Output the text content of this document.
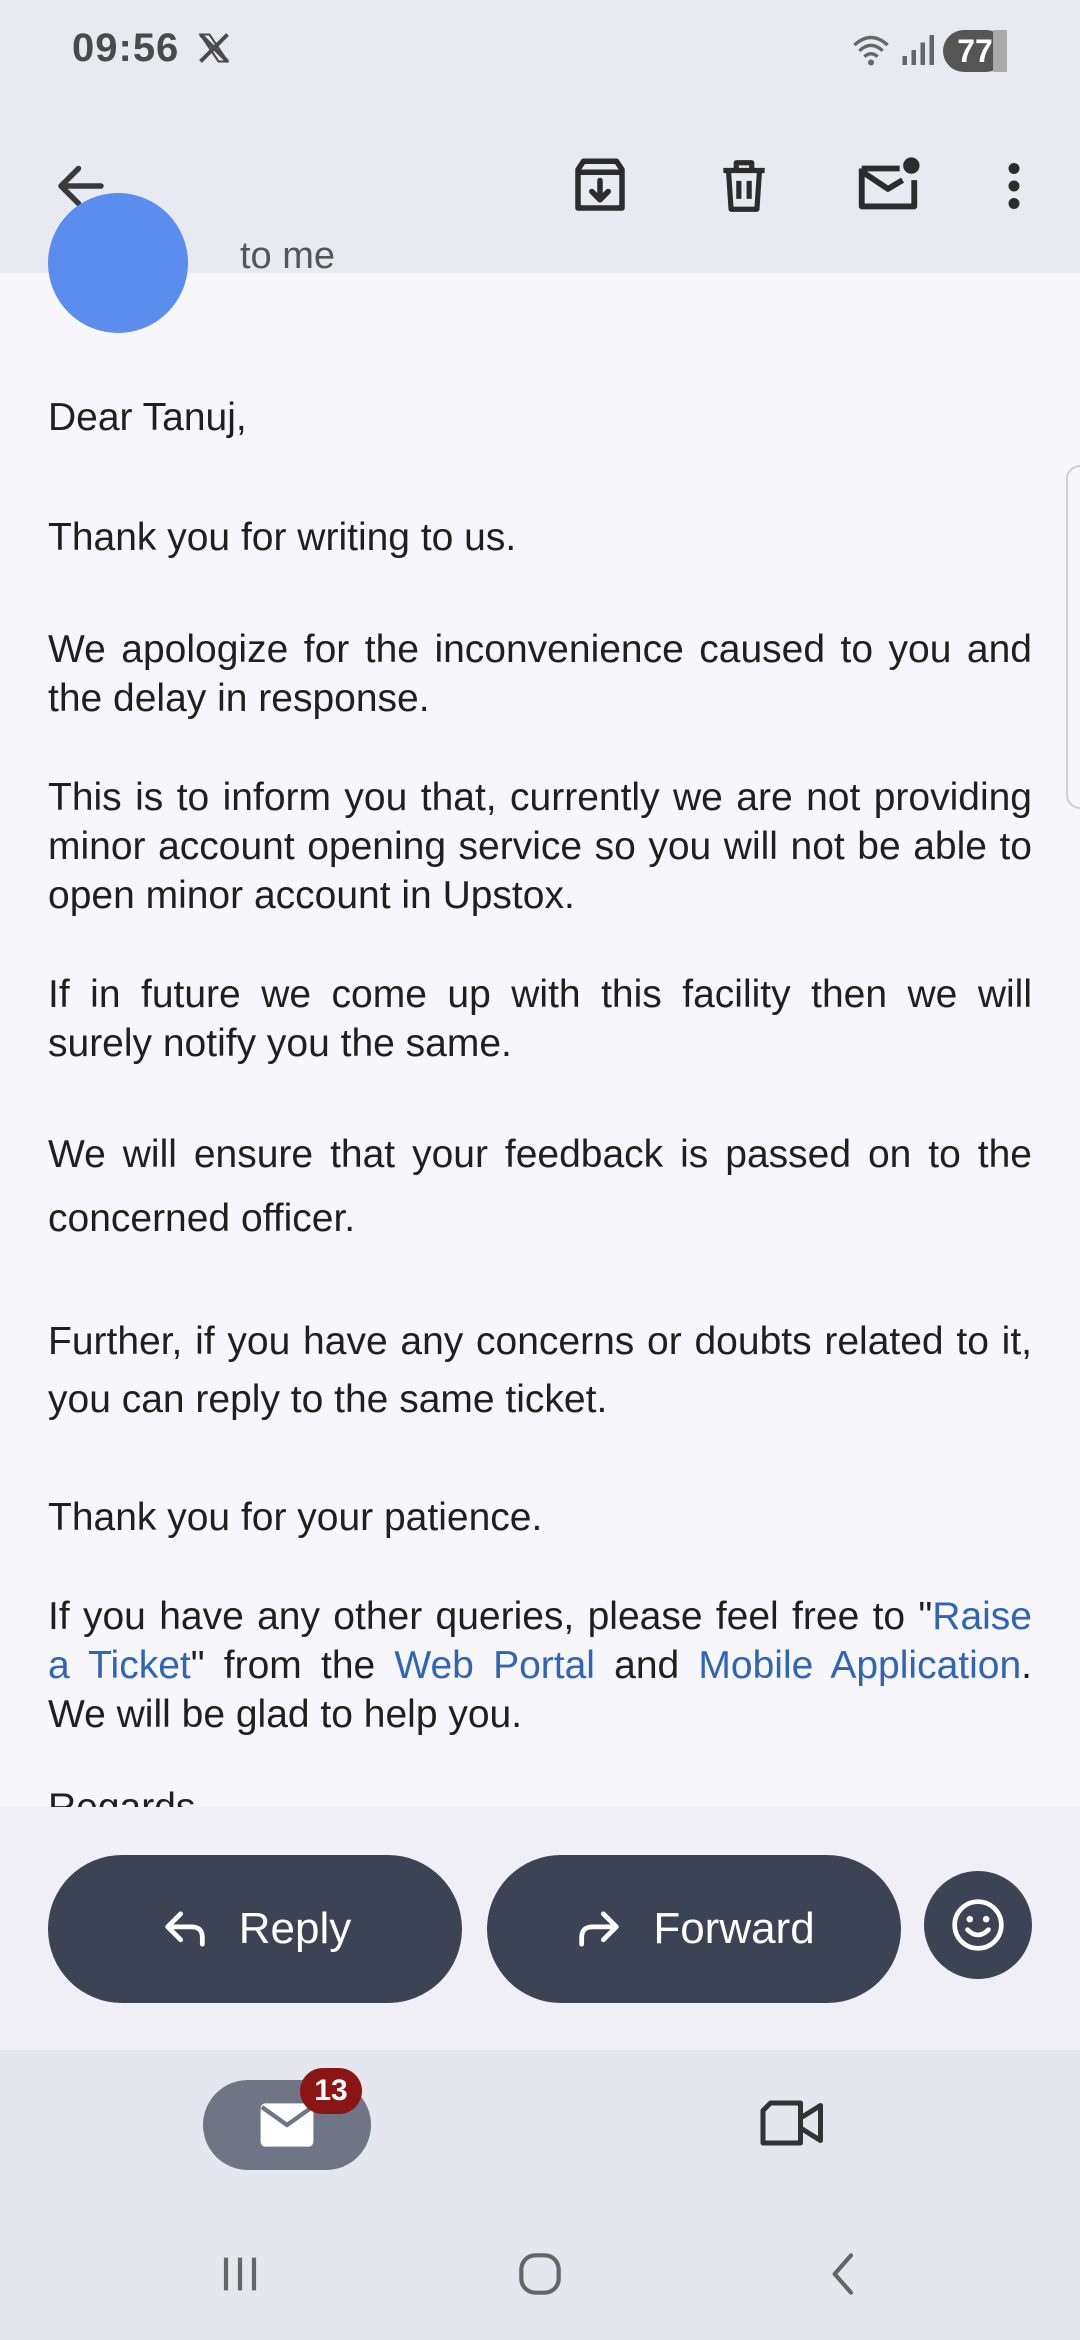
09:56	77
to me
Dear Tanuj,
Thank you for writing to us.
We apologize for the inconvenience caused to you and the delay in response.
This is to inform you that, currently we are not providing minor account opening service so you will not be able to open minor account in Upstox.
If in future we come up with this facility then we will surely notify you the same.
We will ensure that your feedback is passed on to the concerned officer.
Further, if you have any concerns or doubts related to it, you can reply to the same ticket.
Thank you for your patience.
If you have any other queries, please feel free to "Raise a Ticket" from the Web Portal and Mobile Application. We will be glad to help you.
Reply	Forward
13
